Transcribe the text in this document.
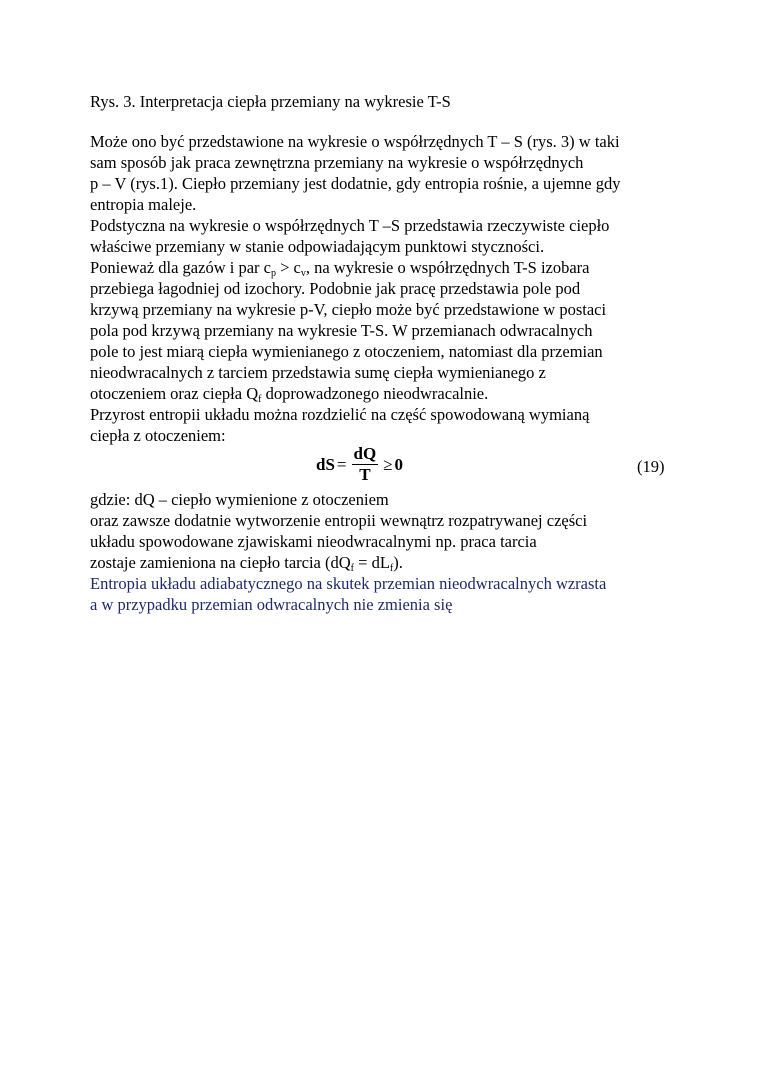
Rys. 3. Interpretacja ciepła przemiany na wykresie T-S

Może ono być przedstawione na wykresie o współrzędnych T – S (rys. 3) w taki
sam sposób jak praca zewnętrzna przemiany na wykresie o współrzędnych
p – V (rys.1). Ciepło przemiany jest dodatnie, gdy entropia rośnie, a ujemne gdy
entropia maleje.
Podstyczna na wykresie o współrzędnych T –S przedstawia rzeczywiste ciepło
właściwe przemiany w stanie odpowiadającym punktowi styczności.
Ponieważ dla gazów i par $c_p > c_v$, na wykresie o współrzędnych T-S izobara
przebiega łagodniej od izochory. Podobnie jak pracę przedstawia pole pod
krzywą przemiany na wykresie p-V, ciepło może być przedstawione w postaci
pola pod krzywą przemiany na wykresie T-S. W przemianach odwracalnych
pole to jest miarą ciepła wymienianego z otoczeniem, natomiast dla przemian
nieodwracalnych z tarciem przedstawia sumę ciepła wymienianego z
otoczeniem oraz ciepła $Q_f$ doprowadzonego nieodwracalnie.
Przyrost entropii układu można rozdzielić na część spowodowaną wymianą
ciepła z otoczeniem:

dS = $\frac{dQ}{T} \ge 0$	(19)

gdzie: dQ – ciepło wymienione z otoczeniem
oraz zawsze dodatnie wytworzenie entropii wewnątrz rozpatrywanej części
układu spowodowane zjawiskami nieodwracalnymi np. praca tarcia
zostaje zamieniona na ciepło tarcia $(dQ_f = dL_f)$.
Entropia układu adiabatycznego na skutek przemian nieodwracalnych wzrasta
a w przypadku przemian odwracalnych nie zmienia się
